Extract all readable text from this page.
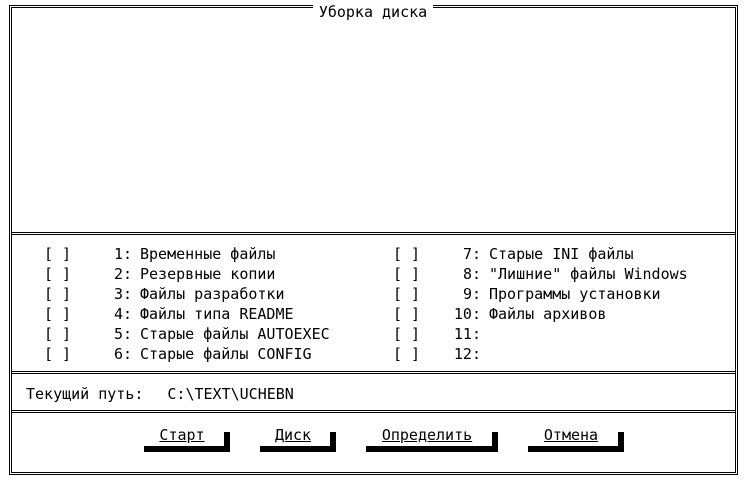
Уборка диска
[ ]	1: Временные файлы
[ ]	2: Резервные копии
[ ]	3: Файлы разработки
[ ]	4: Файлы типа README
[ ]	5: Старые файлы AUTOEXEC
[ ]	6: Старые файлы CONFIG
[ ]	7: Старые INI файлы
[ ]	8: "Лишние" файлы Windows
[ ]	9: Программы установки
[ ]	10: Файлы архивов
[ ]	11:
[ ]	12:
Текущий путь: C:\TEXT\UCHEBN
Старт	Диск	Определить	Отмена
